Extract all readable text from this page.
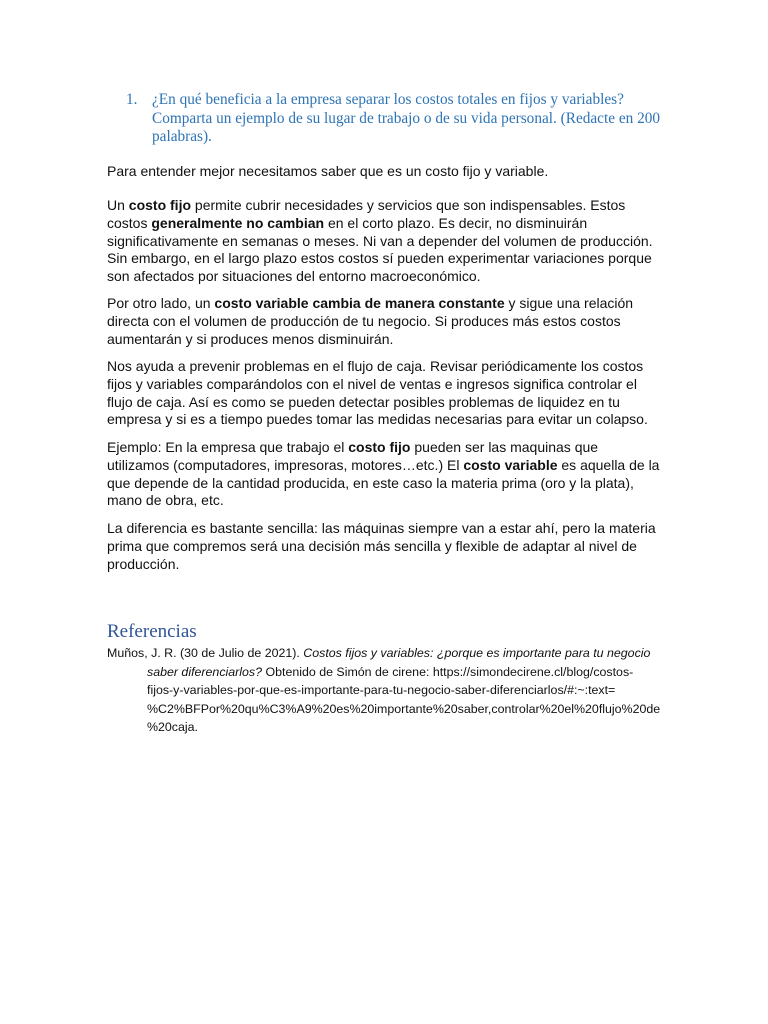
1. ¿En qué beneficia a la empresa separar los costos totales en fijos y variables? Comparta un ejemplo de su lugar de trabajo o de su vida personal. (Redacte en 200 palabras).

Para entender mejor necesitamos saber que es un costo fijo y variable.

Un costo fijo permite cubrir necesidades y servicios que son indispensables. Estos costos generalmente no cambian en el corto plazo. Es decir, no disminuirán significativamente en semanas o meses. Ni van a depender del volumen de producción. Sin embargo, en el largo plazo estos costos sí pueden experimentar variaciones porque son afectados por situaciones del entorno macroeconómico.

Por otro lado, un costo variable cambia de manera constante y sigue una relación directa con el volumen de producción de tu negocio. Si produces más estos costos aumentarán y si produces menos disminuirán.

Nos ayuda a prevenir problemas en el flujo de caja. Revisar periódicamente los costos fijos y variables comparándolos con el nivel de ventas e ingresos significa controlar el flujo de caja. Así es como se pueden detectar posibles problemas de liquidez en tu empresa y si es a tiempo puedes tomar las medidas necesarias para evitar un colapso.

Ejemplo: En la empresa que trabajo el costo fijo pueden ser las maquinas que utilizamos (computadores, impresoras, motores…etc.) El costo variable es aquella de la que depende de la cantidad producida, en este caso la materia prima (oro y la plata), mano de obra, etc.

La diferencia es bastante sencilla: las máquinas siempre van a estar ahí, pero la materia prima que compremos será una decisión más sencilla y flexible de adaptar al nivel de producción.

Referencias
Muños, J. R. (30 de Julio de 2021). Costos fijos y variables: ¿porque es importante para tu negocio
saber diferenciarlos? Obtenido de Simón de cirene: https://simondecirene.cl/blog/costos-
fijos-y-variables-por-que-es-importante-para-tu-negocio-saber-diferenciarlos/#:~:text=
%C2%BFPor%20qu%C3%A9%20es%20importante%20saber,controlar%20el%20flujo%20de
%20caja.
